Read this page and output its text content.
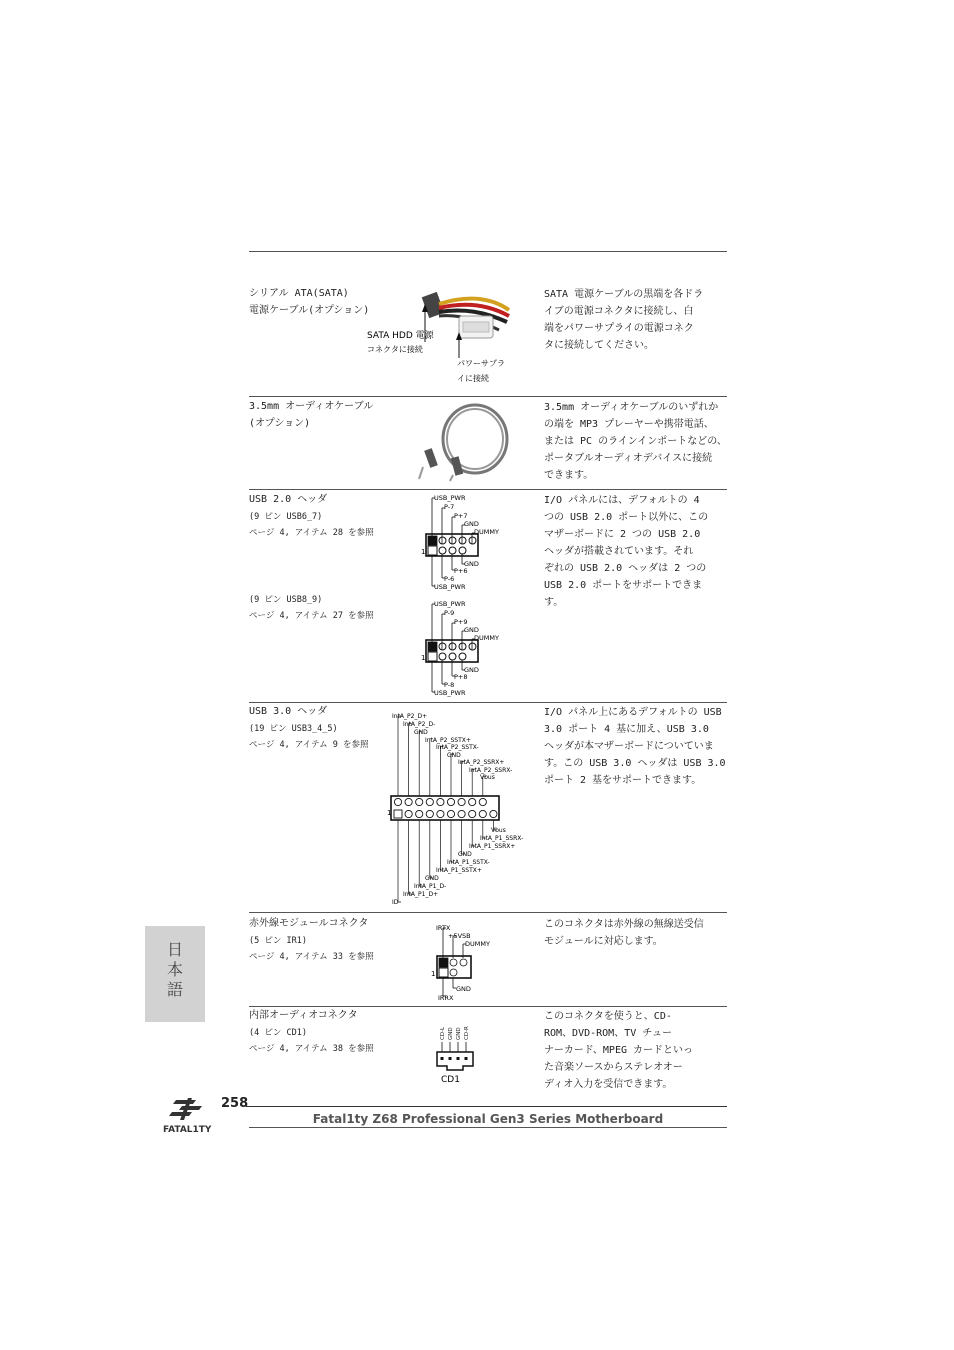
シリアル ATA(SATA)
電源ケーブル(オプション)
SATA HDD 電源
コネクタに接続
パワーサプラ
イに接続
SATA 電源ケーブルの黒端を各ドラ
イブの電源コネクタに接続し、白
端をパワーサプライの電源コネク
タに接続してください。
3.5mm オーディオケーブル
(オプション)
3.5mm オーディオケーブルのいずれか
の端を MP3 プレーヤーや携帯電話、
または PC のラインインポートなどの、
ポータブルオーディオデバイスに接続
できます。
USB 2.0 ヘッダ
(9 ピン USB6_7)
ページ 4, アイテム 28 を参照
(9 ピン USB8_9)
ページ 4, アイテム 27 を参照
1
USB_PWR
P-7
P+7
GND
DUMMY
GND
P+6
P-6
USB_PWR
1
USB_PWR
P-9
P+9
GND
DUMMY
GND
P+8
P-8
USB_PWR
I/O パネルには、デフォルトの 4
つの USB 2.0 ポート以外に、この
マザーボードに 2 つの USB 2.0
ヘッダが搭載されています。それ
ぞれの USB 2.0 ヘッダは 2 つの
USB 2.0 ポートをサポートできま
す。
USB 3.0 ヘッダ
(19 ピン USB3_4_5)
ページ 4, アイテム 9 を参照
1
IntA_P2_D+
IntA_P2_D-
GND
IntA_P2_SSTX+
IntA_P2_SSTX-
GND
IntA_P2_SSRX+
IntA_P2_SSRX-
Vbus
Vbus
IntA_P1_SSRX-
IntA_P1_SSRX+
GND
IntA_P1_SSTX-
IntA_P1_SSTX+
GND
IntA_P1_D-
IntA_P1_D+
ID
I/O パネル上にあるデフォルトの USB
3.0 ポート 4 基に加え、USB 3.0
ヘッダが本マザーボードについていま
す。この USB 3.0 ヘッダは USB 3.0
ポート 2 基をサポートできます。
赤外線モジュールコネクタ
(5 ピン IR1)
ページ 4, アイテム 33 を参照
1
IRTX
+5VSB
DUMMY
GND
IRRX
このコネクタは赤外線の無線送受信
モジュールに対応します。
内部オーディオコネクタ
(4 ピン CD1)
ページ 4, アイテム 38 を参照
CD-L GND GND CD-R
CD1
このコネクタを使うと、CD-
ROM、DVD-ROM、TV チュー
ナーカード、MPEG カードといっ
た音楽ソースからステレオオー
ディオ入力を受信できます。
日
本
語
FATAL1TY
258
Fatal1ty Z68 Professional Gen3 Series Motherboard
